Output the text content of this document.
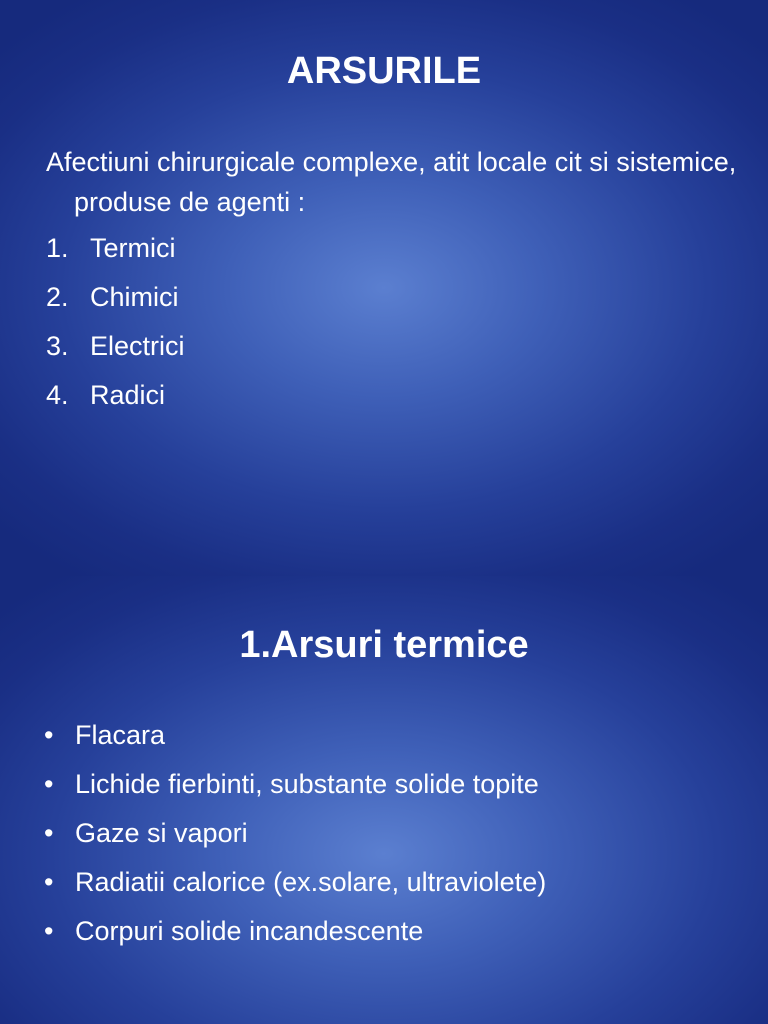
ARSURILE

Afectiuni chirurgicale complexe, atit locale cit si sistemice, produse de agenti :

1. Termici
2. Chimici
3. Electrici
4. Radici
1.Arsuri termice
• Flacara
• Lichide fierbinti, substante solide topite
• Gaze si vapori
• Radiatii calorice (ex.solare, ultraviolete)
• Corpuri solide incandescente
